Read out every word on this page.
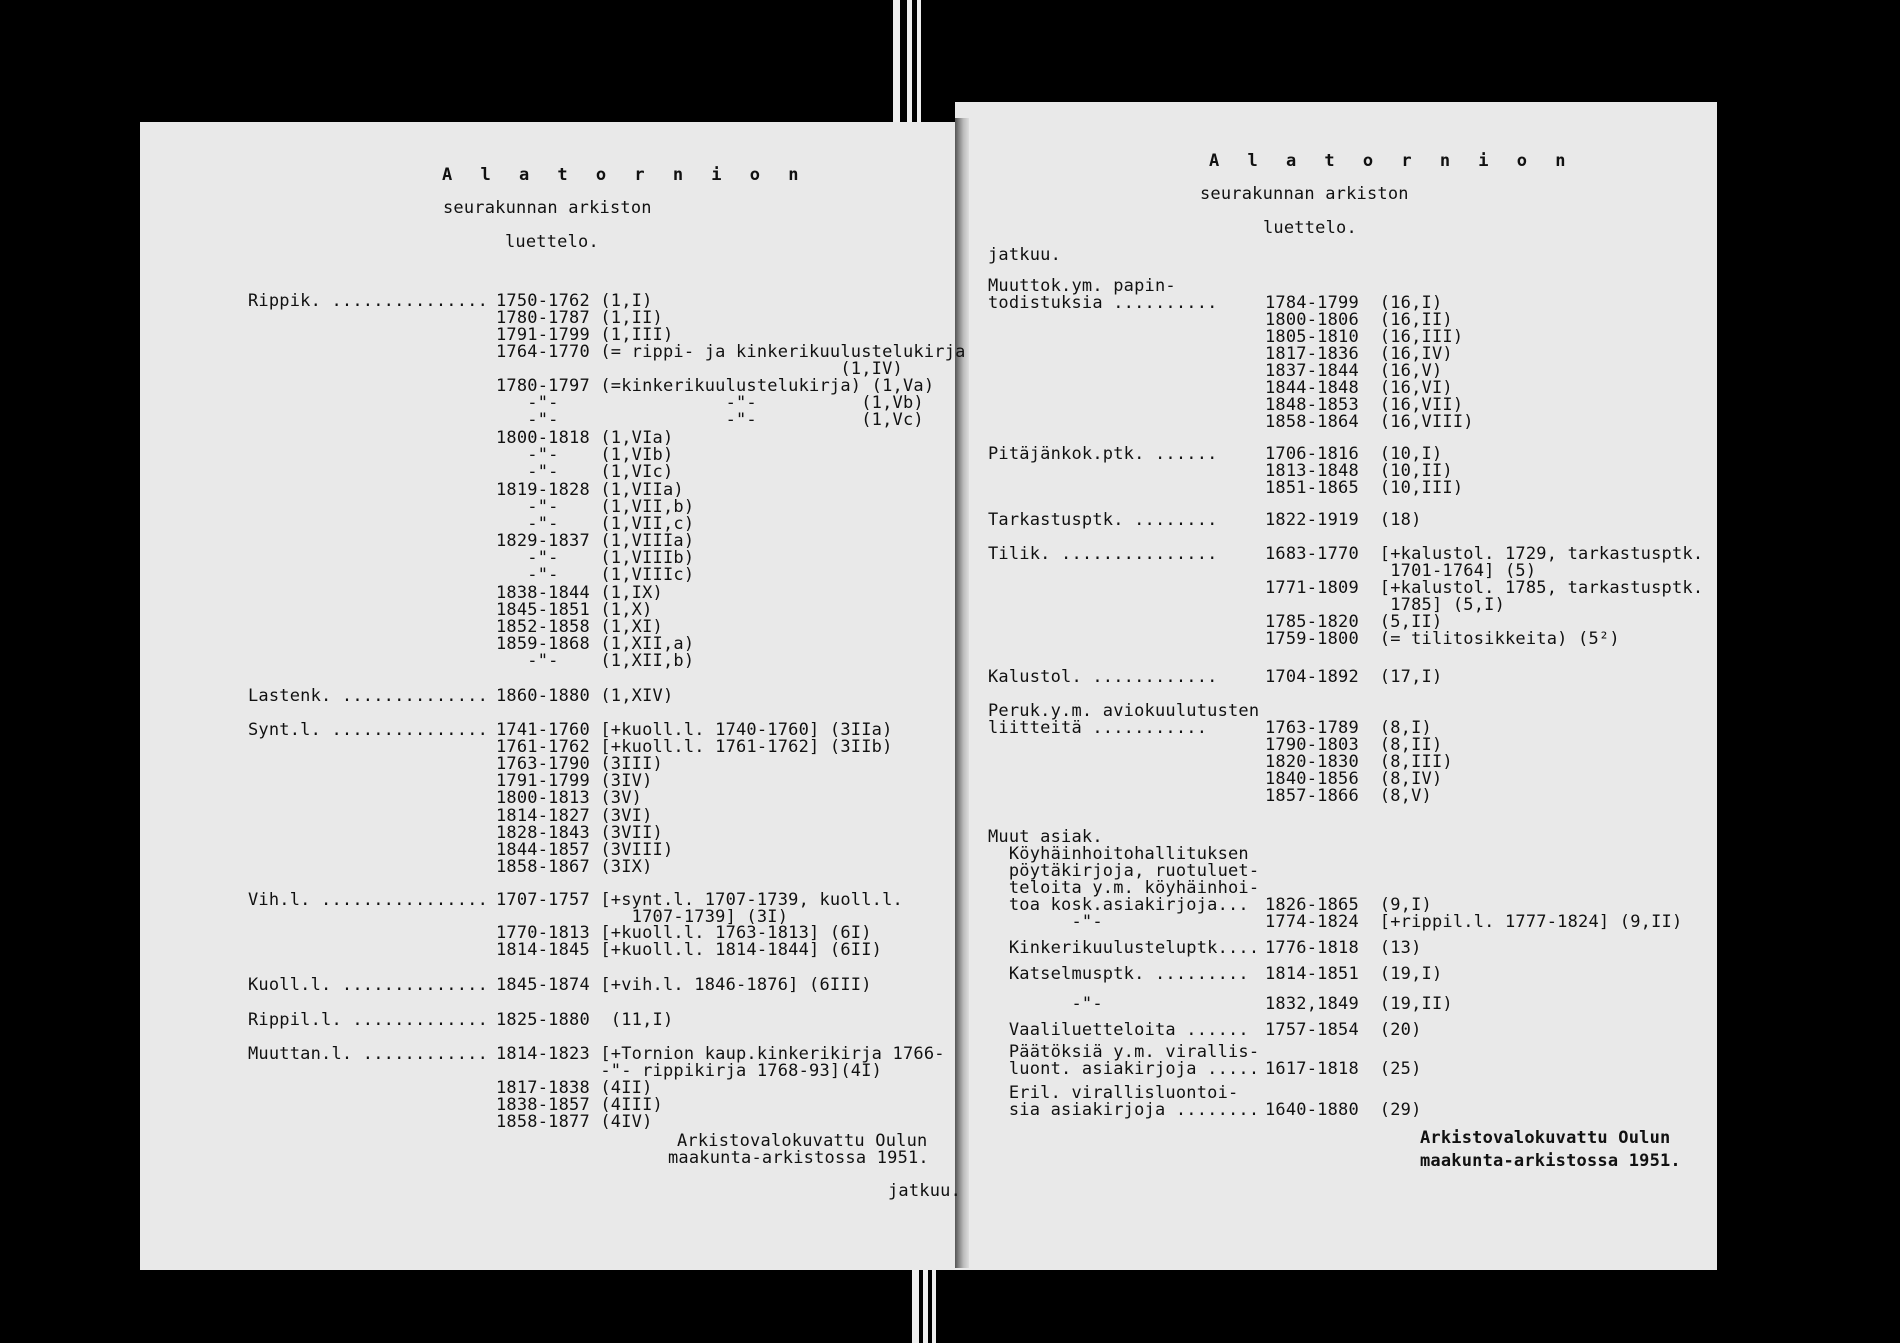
A l a t o r n i o n
seurakunnan arkiston
luettelo.
Rippik. ............... 1750-1762 (1,I)
1780-1787 (1,II)
1791-1799 (1,III)
1764-1770 (= rippi- ja kinkerikuulustelukirja
(1,IV)
1780-1797 (=kinkerikuulustelukirja) (1,Va)
-"-                -"-          (1,Vb)
-"-                -"-          (1,Vc)
1800-1818 (1,VIa)
-"-    (1,VIb)
-"-    (1,VIc)
1819-1828 (1,VIIa)
-"-    (1,VII,b)
-"-    (1,VII,c)
1829-1837 (1,VIIIa)
-"-    (1,VIIIb)
-"-    (1,VIIIc)
1838-1844 (1,IX)
1845-1851 (1,X)
1852-1858 (1,XI)
1859-1868 (1,XII,a)
-"-    (1,XII,b)
Lastenk. .............. 1860-1880 (1,XIV)
Synt.l. ............... 1741-1760 [+kuoll.l. 1740-1760] (3IIa)
1761-1762 [+kuoll.l. 1761-1762] (3IIb)
1763-1790 (3III)
1791-1799 (3IV)
1800-1813 (3V)
1814-1827 (3VI)
1828-1843 (3VII)
1844-1857 (3VIII)
1858-1867 (3IX)
Vih.l. ................ 1707-1757 [+synt.l. 1707-1739, kuoll.l.
1707-1739] (3I)
1770-1813 [+kuoll.l. 1763-1813] (6I)
1814-1845 [+kuoll.l. 1814-1844] (6II)
Kuoll.l. .............. 1845-1874 [+vih.l. 1846-1876] (6III)
Rippil.l. ............. 1825-1880  (11,I)
Muuttan.l. ............ 1814-1823 [+Tornion kaup.kinkerikirja 1766-
-"- rippikirja 1768-93](4I)
1817-1838 (4II)
1838-1857 (4III)
1858-1877 (4IV)
Arkistovalokuvattu Oulun
maakunta-arkistossa 1951.
jatkuu.
A l a t o r n i o n
seurakunnan arkiston
luettelo.
jatkuu.
Muuttok.ym. papin-
todistuksia ..........	1784-1799  (16,I)
1800-1806  (16,II)
1805-1810  (16,III)
1817-1836  (16,IV)
1837-1844  (16,V)
1844-1848  (16,VI)
1848-1853  (16,VII)
1858-1864  (16,VIII)
Pitäjänkok.ptk. ......	1706-1816  (10,I)
1813-1848  (10,II)
1851-1865  (10,III)
Tarkastusptk. ........	1822-1919  (18)
Tilik. ...............	1683-1770  [+kalustol. 1729, tarkastusptk.
1701-1764] (5)
1771-1809  [+kalustol. 1785, tarkastusptk.
1785] (5,I)
1785-1820  (5,II)
1759-1800  (= tilitosikkeita) (5²)
Kalustol. ............	1704-1892  (17,I)
Peruk.y.m. aviokuulutusten
liitteitä ...........	1763-1789  (8,I)
1790-1803  (8,II)
1820-1830  (8,III)
1840-1856  (8,IV)
1857-1866  (8,V)
Muut asiak.
Köyhäinhoitohallituksen
pöytäkirjoja, ruotuluet-
teloita y.m. köyhäinhoi-
toa kosk.asiakirjoja... 1826-1865  (9,I)
-"-	1774-1824  [+rippil.l. 1777-1824] (9,II)
Kinkerikuulusteluptk.... 1776-1818  (13)
Katselmusptk. ......... 1814-1851  (19,I)
-"-	1832,1849  (19,II)
Vaaliluetteloita ...... 1757-1854  (20)
Päätöksiä y.m. virallis-
luont. asiakirjoja ..... 1617-1818  (25)
Eril. virallisluontoi-
sia asiakirjoja ........ 1640-1880  (29)
Arkistovalokuvattu Oulun
maakunta-arkistossa 1951.
